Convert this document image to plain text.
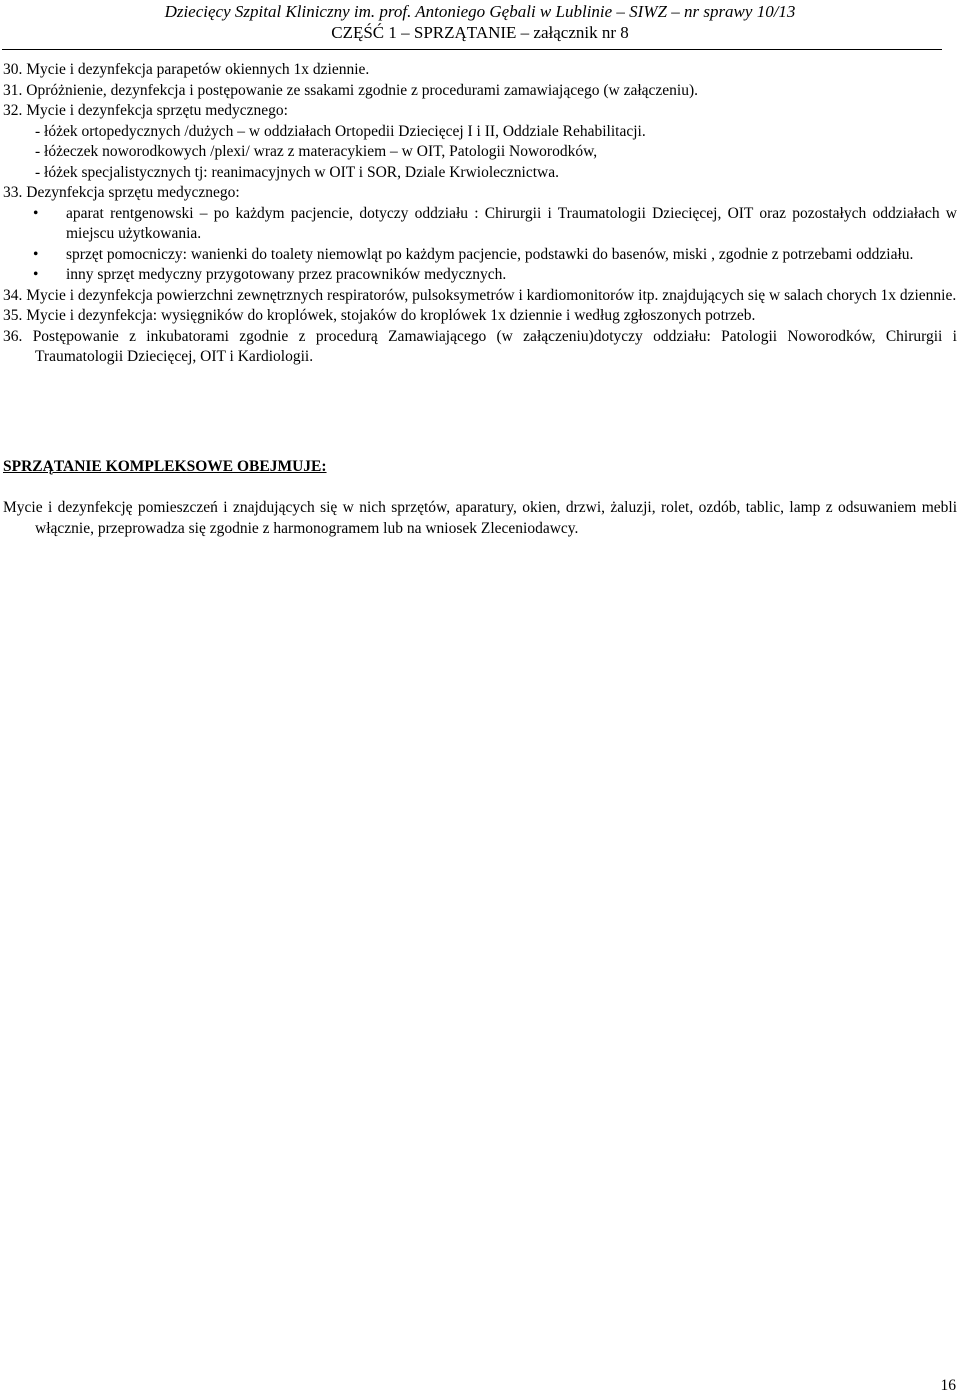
Dziecięcy Szpital Kliniczny im. prof. Antoniego Gębali w Lublinie – SIWZ – nr sprawy 10/13
CZĘŚĆ 1 – SPRZĄTANIE – załącznik nr 8
30. Mycie i dezynfekcja parapetów okiennych 1x dziennie.
31. Opróżnienie, dezynfekcja i postępowanie ze ssakami zgodnie z procedurami zamawiającego (w załączeniu).
32. Mycie i dezynfekcja sprzętu medycznego:
- łóżek ortopedycznych /dużych – w oddziałach Ortopedii Dziecięcej I i II, Oddziale Rehabilitacji.
- łóżeczek noworodkowych /plexi/ wraz z materacykiem – w OIT, Patologii Noworodków,
- łóżek specjalistycznych tj: reanimacyjnych w OIT i SOR, Dziale Krwiolecznictwa.
33. Dezynfekcja sprzętu medycznego:
• aparat rentgenowski – po każdym pacjencie, dotyczy oddziału : Chirurgii i Traumatologii Dziecięcej, OIT oraz pozostałych oddziałach w miejscu użytkowania.
• sprzęt pomocniczy: wanienki do toalety niemowląt po każdym pacjencie, podstawki do basenów, miski , zgodnie z potrzebami oddziału.
• inny sprzęt medyczny przygotowany przez pracowników medycznych.
34. Mycie i dezynfekcja powierzchni zewnętrznych respiratorów, pulsoksymetrów i kardiomonitorów itp. znajdujących się w salach chorych 1x dziennie.
35. Mycie i dezynfekcja: wysięgników do kroplówek, stojaków do kroplówek 1x dziennie i według zgłoszonych potrzeb.
36. Postępowanie z inkubatorami zgodnie z procedurą Zamawiającego (w załączeniu)dotyczy oddziału: Patologii Noworodków, Chirurgii i Traumatologii Dziecięcej, OIT i Kardiologii.
SPRZĄTANIE KOMPLEKSOWE OBEJMUJE:
Mycie i dezynfekcję pomieszczeń i znajdujących się w nich sprzętów, aparatury, okien, drzwi, żaluzji, rolet, ozdób, tablic, lamp z odsuwaniem mebli włącznie, przeprowadza się zgodnie z harmonogramem lub na wniosek Zleceniodawcy.
16
